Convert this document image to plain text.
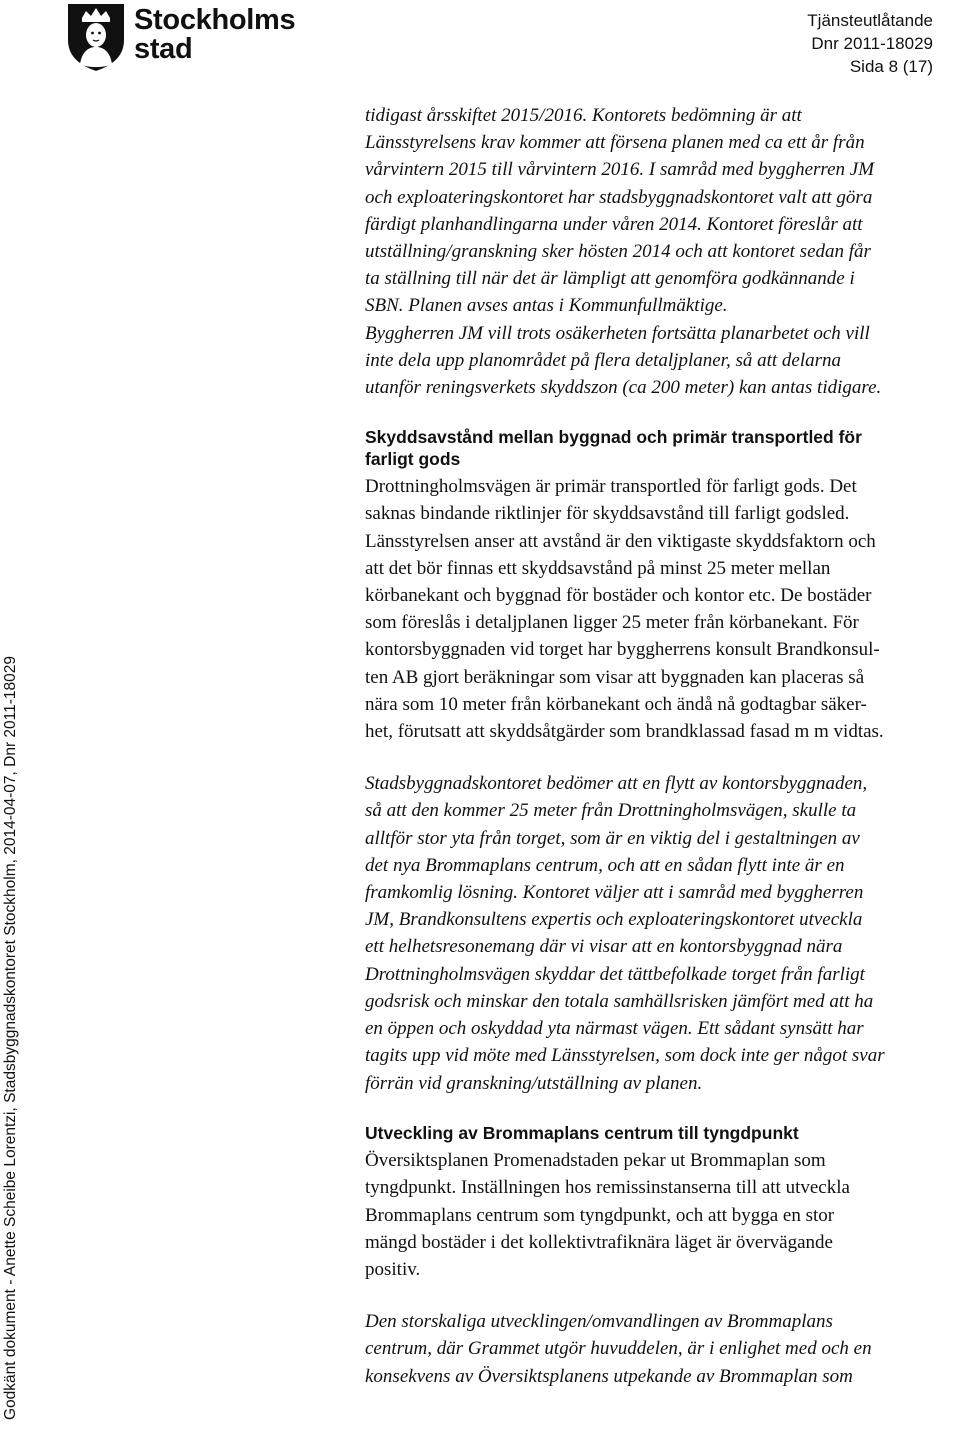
Stockholms
stad
Tjänsteutlåtande
Dnr 2011-18029
Sida 8 (17)
Godkänt dokument - Anette Scheibe Lorentzi, Stadsbyggnadskontoret Stockholm, 2014-04-07, Dnr 2011-18029

tidigast årsskiftet 2015/2016. Kontorets bedömning är att

Länsstyrelsens krav kommer att försena planen med ca ett år från

vårvintern 2015 till vårvintern 2016. I samråd med byggherren JM

och exploateringskontoret har stadsbyggnadskontoret valt att göra

färdigt planhandlingarna under våren 2014. Kontoret föreslår att

utställning/granskning sker hösten 2014 och att kontoret sedan får

ta ställning till när det är lämpligt att genomföra godkännande i

SBN. Planen avses antas i Kommunfullmäktige.

Byggherren JM vill trots osäkerheten fortsätta planarbetet och vill

inte dela upp planområdet på flera detaljplaner, så att delarna

utanför reningsverkets skyddszon (ca 200 meter) kan antas tidigare.

Skyddsavstånd mellan byggnad och primär transportled för

farligt gods

Drottningholmsvägen är primär transportled för farligt gods. Det

saknas bindande riktlinjer för skyddsavstånd till farligt godsled.

Länsstyrelsen anser att avstånd är den viktigaste skyddsfaktorn och

att det bör finnas ett skyddsavstånd på minst 25 meter mellan

körbanekant och byggnad för bostäder och kontor etc. De bostäder

som föreslås i detaljplanen ligger 25 meter från körbanekant. För

kontorsbyggnaden vid torget har byggherrens konsult Brandkonsul-

ten AB gjort beräkningar som visar att byggnaden kan placeras så

nära som 10 meter från körbanekant och ändå nå godtagbar säker-

het, förutsatt att skyddsåtgärder som brandklassad fasad m m vidtas.

Stadsbyggnadskontoret bedömer att en flytt av kontorsbyggnaden,

så att den kommer 25 meter från Drottningholmsvägen, skulle ta

alltför stor yta från torget, som är en viktig del i gestaltningen av

det nya Brommaplans centrum, och att en sådan flytt inte är en

framkomlig lösning. Kontoret väljer att i samråd med byggherren

JM, Brandkonsultens expertis och exploateringskontoret utveckla

ett helhetsresonemang där vi visar att en kontorsbyggnad nära

Drottningholmsvägen skyddar det tättbefolkade torget från farligt

godsrisk och minskar den totala samhällsrisken jämfört med att ha

en öppen och oskyddad yta närmast vägen. Ett sådant synsätt har

tagits upp vid möte med Länsstyrelsen, som dock inte ger något svar

förrän vid granskning/utställning av planen.

Utveckling av Brommaplans centrum till tyngdpunkt

Översiktsplanen Promenadstaden pekar ut Brommaplan som

tyngdpunkt. Inställningen hos remissinstanserna till att utveckla

Brommaplans centrum som tyngdpunkt, och att bygga en stor

mängd bostäder i det kollektivtrafiknära läget är övervägande

positiv.

Den storskaliga utvecklingen/omvandlingen av Brommaplans

centrum, där Grammet utgör huvuddelen, är i enlighet med och en

konsekvens av Översiktsplanens utpekande av Brommaplan som
